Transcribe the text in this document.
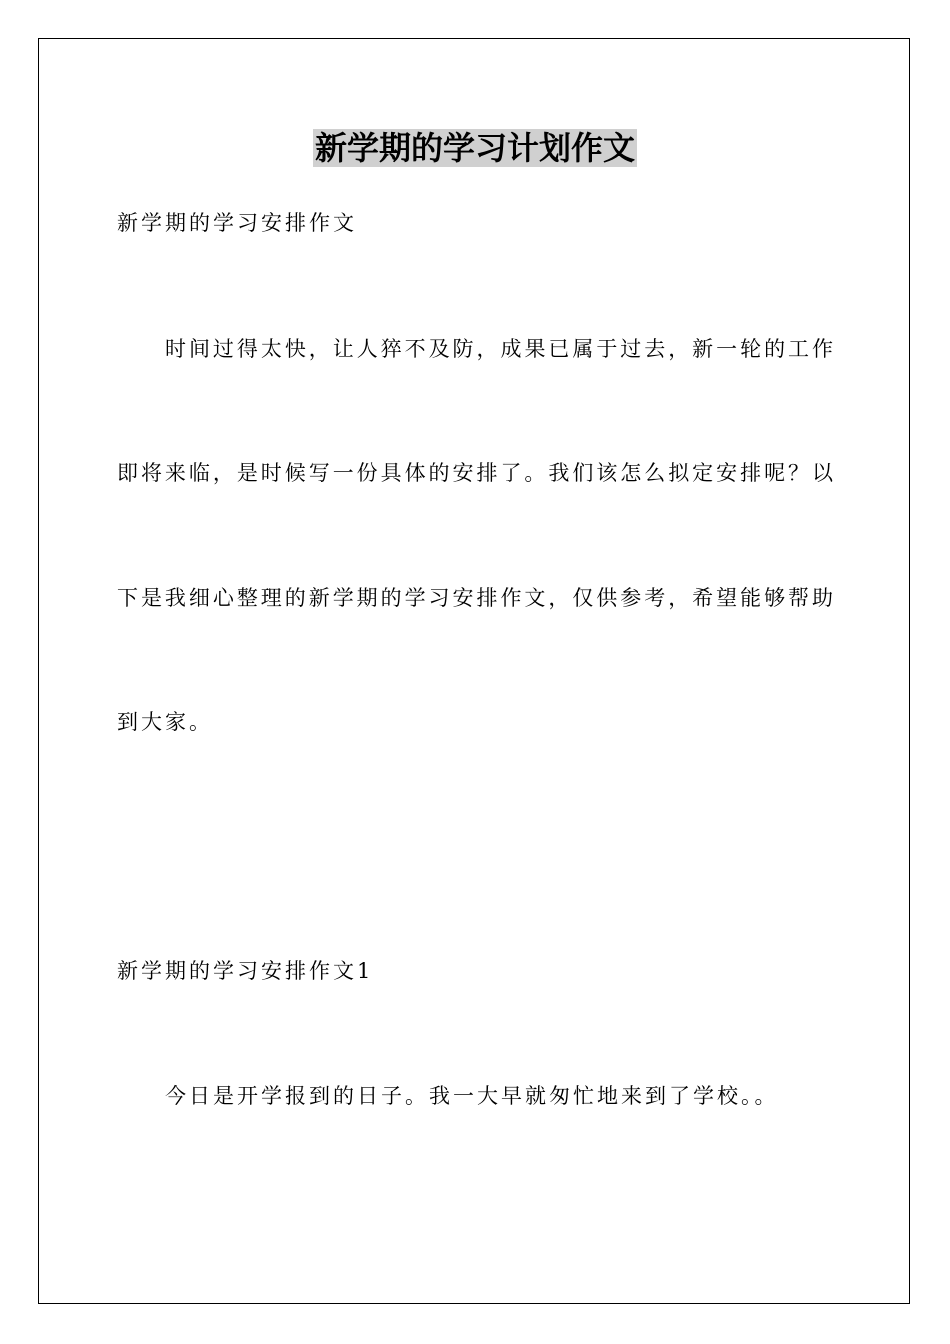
新学期的学习计划作文
新学期的学习安排作文
时间过得太快，让人猝不及防，成果已属于过去，新一轮的工作
即将来临，是时候写一份具体的安排了。我们该怎么拟定安排呢？以
下是我细心整理的新学期的学习安排作文，仅供参考，希望能够帮助
到大家。
新学期的学习安排作文1
今日是开学报到的日子。我一大早就匆忙地来到了学校。。
